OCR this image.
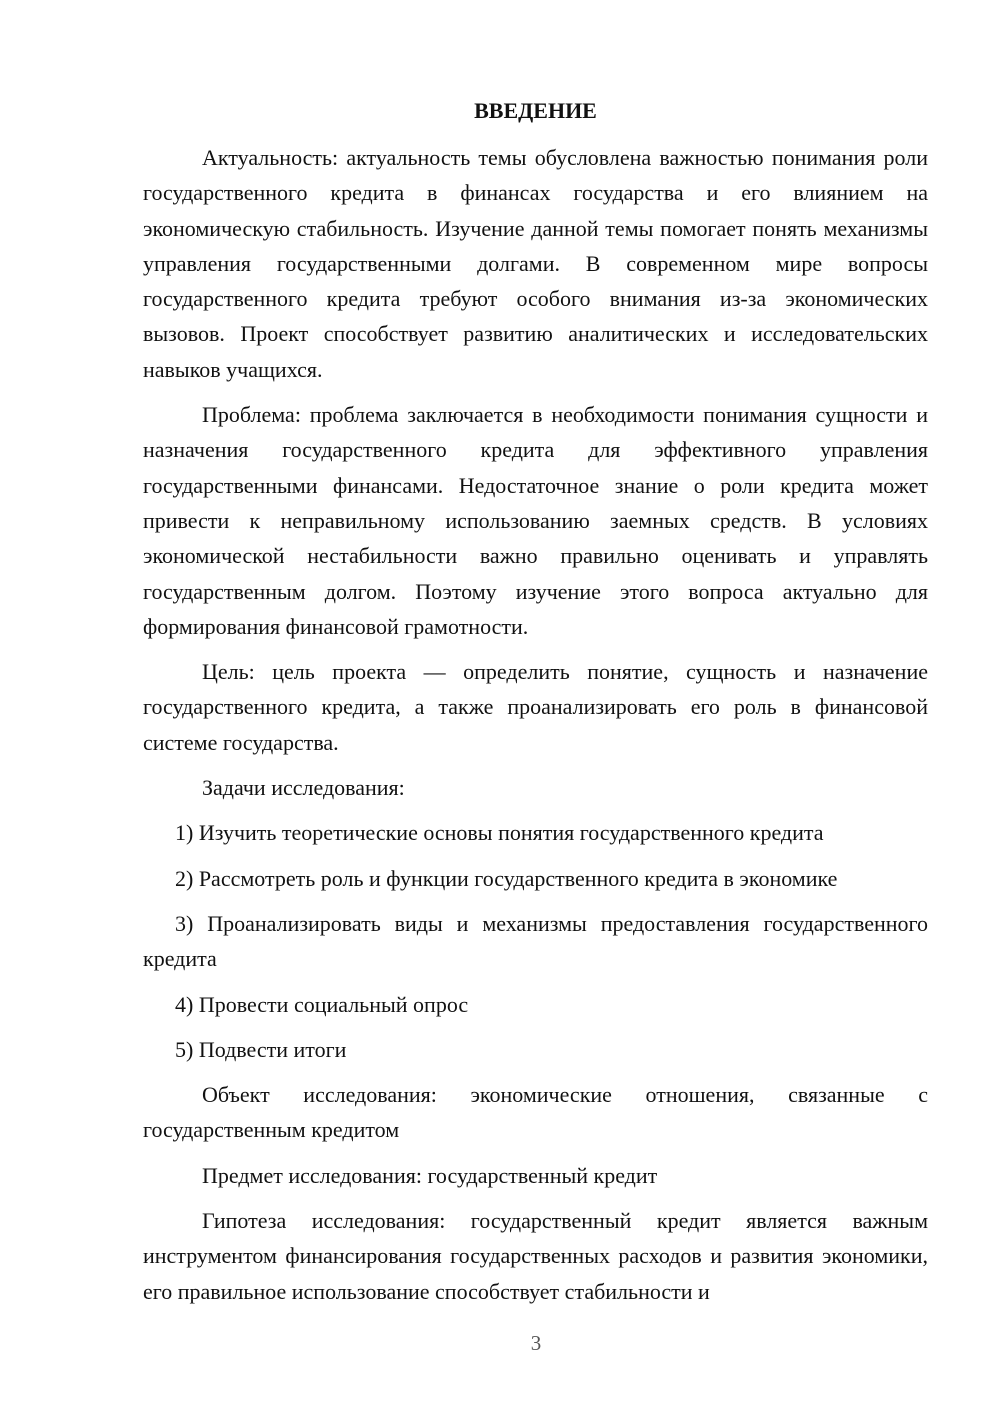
ВВЕДЕНИЕ

Актуальность: актуальность темы обусловлена важностью понимания роли государственного кредита в финансах государства и его влиянием на экономическую стабильность. Изучение данной темы помогает понять механизмы управления государственными долгами. В современном мире вопросы государственного кредита требуют особого внимания из-за экономических вызовов. Проект способствует развитию аналитических и исследовательских навыков учащихся.

Проблема: проблема заключается в необходимости понимания сущности и назначения государственного кредита для эффективного управления государственными финансами. Недостаточное знание о роли кредита может привести к неправильному использованию заемных средств. В условиях экономической нестабильности важно правильно оценивать и управлять государственным долгом. Поэтому изучение этого вопроса актуально для формирования финансовой грамотности.

Цель: цель проекта — определить понятие, сущность и назначение государственного кредита, а также проанализировать его роль в финансовой системе государства.

Задачи исследования:

1) Изучить теоретические основы понятия государственного кредита

2) Рассмотреть роль и функции государственного кредита в экономике

3) Проанализировать виды и механизмы предоставления государственного кредита

4) Провести социальный опрос

5) Подвести итоги

Объект исследования: экономические отношения, связанные с государственным кредитом

Предмет исследования: государственный кредит

Гипотеза исследования: государственный кредит является важным инструментом финансирования государственных расходов и развития экономики, его правильное использование способствует стабильности и

3
